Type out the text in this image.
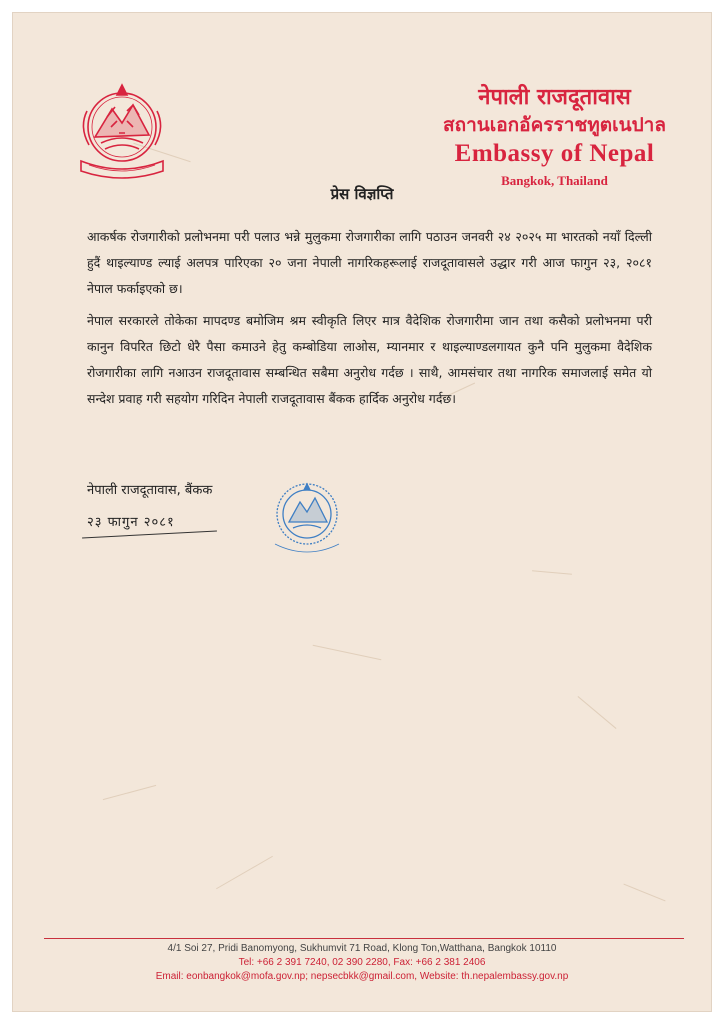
नेपाली राजदूतावास
สถานเอกอัครราชทูตเนปาล
Embassy of Nepal
Bangkok, Thailand
प्रेस विज्ञप्ति
आकर्षक रोजगारीको प्रलोभनमा परी पलाउ भन्ने मुलुकमा रोजगारीका लागि पठाउन जनवरी २४ २०२५ मा भारतको नयाँ दिल्ली हुदैं थाइल्याण्ड ल्याई अलपत्र पारिएका २० जना नेपाली नागरिकहरूलाई राजदूतावासले उद्धार गरी आज फागुन २३, २०८१ नेपाल फर्काइएको छ।
नेपाल सरकारले तोकेका मापदण्ड बमोजिम श्रम स्वीकृति लिएर मात्र वैदेशिक रोजगारीमा जान तथा कसैको प्रलोभनमा परी कानुन विपरित छिटो धेरै पैसा कमाउने हेतु कम्बोडिया लाओस, म्यानमार र थाइल्याण्डलगायत कुनै पनि मुलुकमा वैदेशिक रोजगारीका लागि नआउन राजदूतावास सम्बन्धित सबैमा अनुरोध गर्दछ । साथै, आमसंचार तथा नागरिक समाजलाई समेत यो सन्देश प्रवाह गरी सहयोग गरिदिन नेपाली राजदूतावास बैंकक हार्दिक अनुरोध गर्दछ।
नेपाली राजदूतावास, बैंकक
२३ फागुन २०८१
4/1 Soi 27, Pridi Banomyong, Sukhumvit 71 Road, Klong Ton,Watthana, Bangkok 10110
Tel: +66 2 391 7240, 02 390 2280, Fax: +66 2 381 2406
Email: eonbangkok@mofa.gov.np; nepsecbkk@gmail.com, Website: th.nepalembassy.gov.np
